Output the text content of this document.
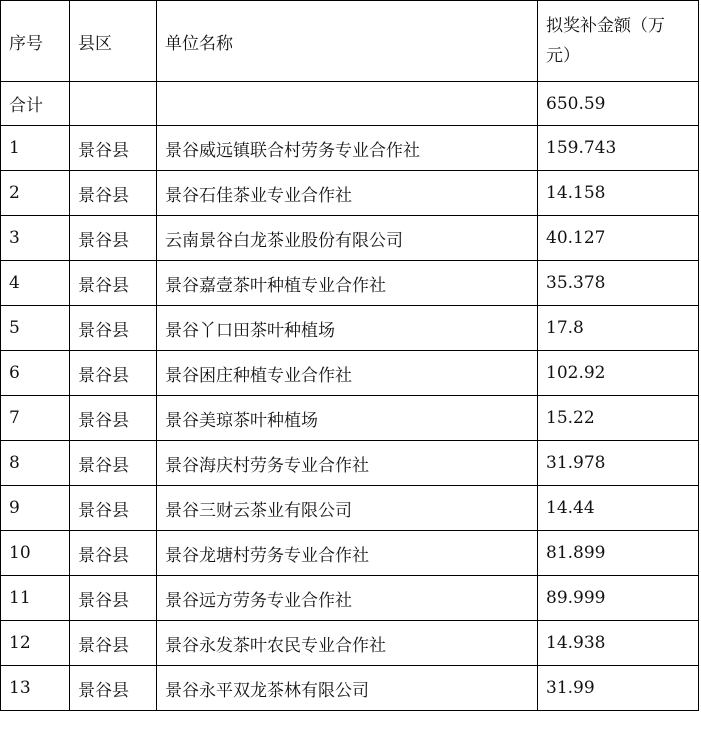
序号	县区	单位名称	拟奖补金额（万元）
合计			650.59
1	景谷县	景谷威远镇联合村劳务专业合作社	159.743
2	景谷县	景谷石佳茶业专业合作社	14.158
3	景谷县	云南景谷白龙茶业股份有限公司	40.127
4	景谷县	景谷嘉壹茶叶种植专业合作社	35.378
5	景谷县	景谷丫口田茶叶种植场	17.8
6	景谷县	景谷困庄种植专业合作社	102.92
7	景谷县	景谷美琼茶叶种植场	15.22
8	景谷县	景谷海庆村劳务专业合作社	31.978
9	景谷县	景谷三财云茶业有限公司	14.44
10	景谷县	景谷龙塘村劳务专业合作社	81.899
11	景谷县	景谷远方劳务专业合作社	89.999
12	景谷县	景谷永发茶叶农民专业合作社	14.938
13	景谷县	景谷永平双龙茶林有限公司	31.99
